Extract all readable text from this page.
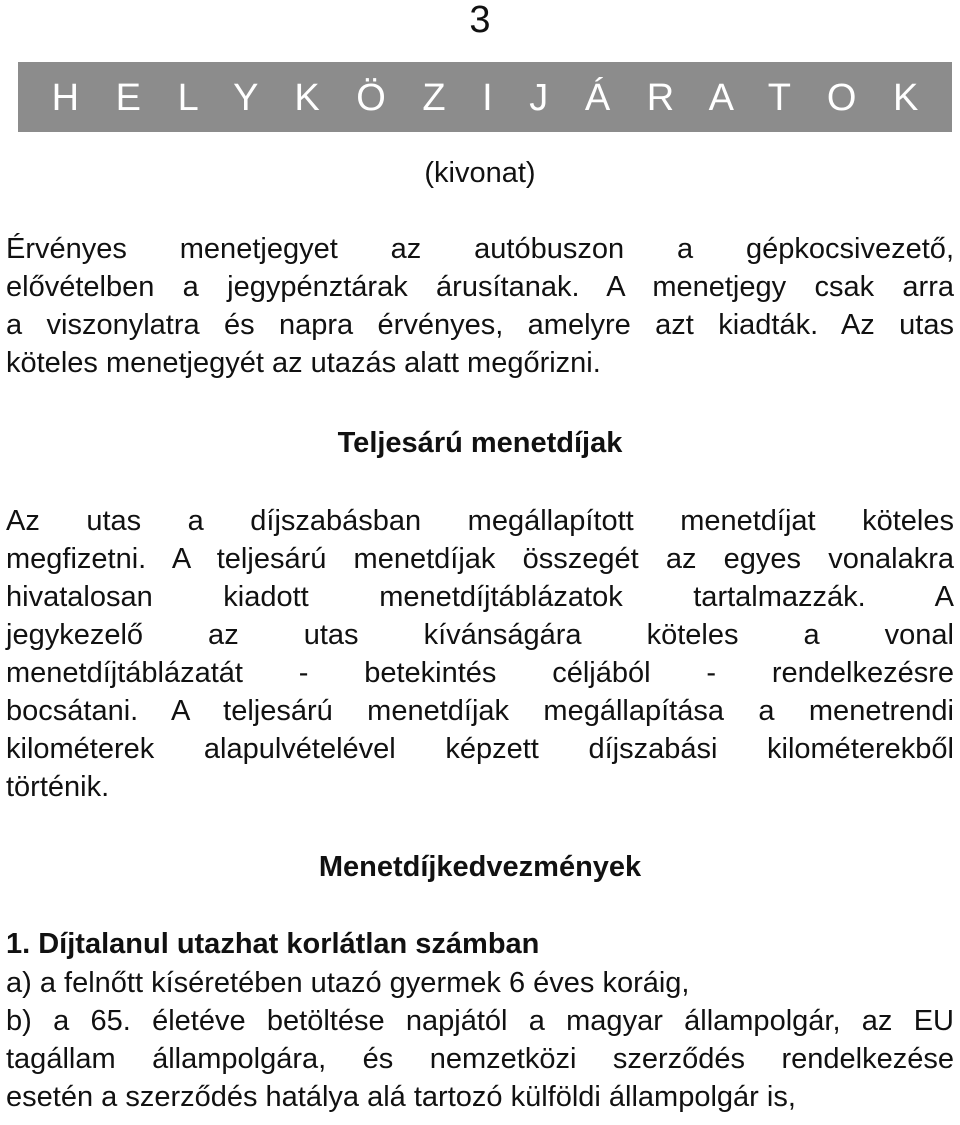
3
H E L Y K Ö Z I J Á R A T O K
(kivonat)
Érvényes menetjegyet az autóbuszon a gépkocsivezető,
elővételben a jegypénztárak árusítanak. A menetjegy csak arra
a viszonylatra és napra érvényes, amelyre azt kiadták. Az utas
köteles menetjegyét az utazás alatt megőrizni.
Teljesárú menetdíjak
Az utas a díjszabásban megállapított menetdíjat köteles
megfizetni. A teljesárú menetdíjak összegét az egyes vonalakra
hivatalosan kiadott menetdíjtáblázatok tartalmazzák. A
jegykezelő az utas kívánságára köteles a vonal
menetdíjtáblázatát - betekintés céljából - rendelkezésre
bocsátani. A teljesárú menetdíjak megállapítása a menetrendi
kilométerek alapulvételével képzett díjszabási kilométerekből
történik.
Menetdíjkedvezmények
1. Díjtalanul utazhat korlátlan számban
a) a felnőtt kíséretében utazó gyermek 6 éves koráig,
b) a 65. életéve betöltése napjától a magyar állampolgár, az EU
tagállam állampolgára, és nemzetközi szerződés rendelkezése
esetén a szerződés hatálya alá tartozó külföldi állampolgár is,
